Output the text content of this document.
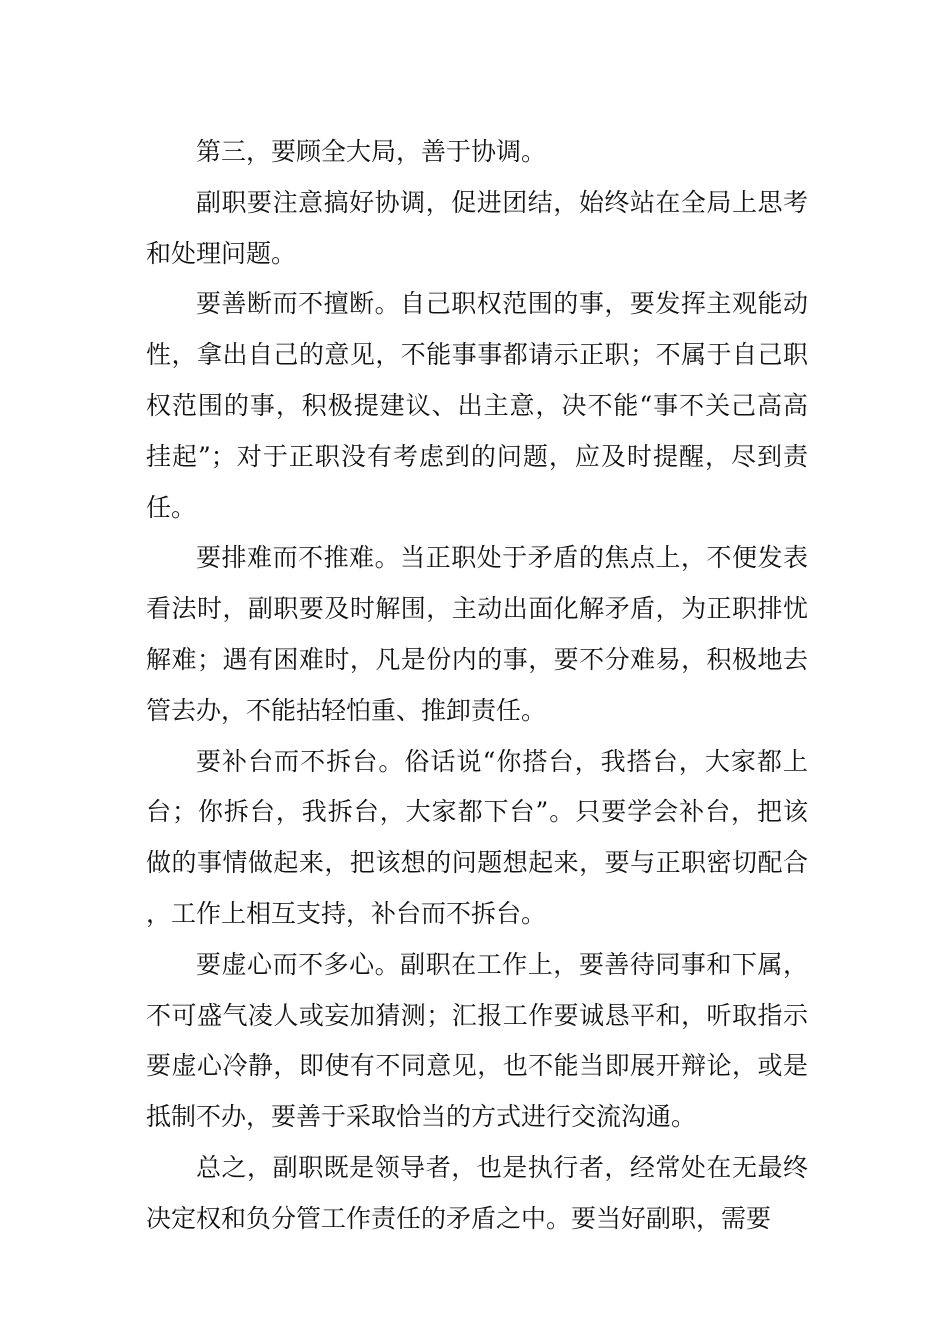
第三，要顾全大局，善于协调。

副职要注意搞好协调，促进团结，始终站在全局上思考和处理问题。

要善断而不擅断。自己职权范围的事，要发挥主观能动性，拿出自己的意见，不能事事都请示正职；不属于自己职权范围的事，积极提建议、出主意，决不能“事不关己高高挂起”；对于正职没有考虑到的问题，应及时提醒，尽到责任。

要排难而不推难。当正职处于矛盾的焦点上，不便发表看法时，副职要及时解围，主动出面化解矛盾，为正职排忧解难；遇有困难时，凡是份内的事，要不分难易，积极地去管去办，不能拈轻怕重、推卸责任。

要补台而不拆台。俗话说“你搭台，我搭台，大家都上台；你拆台，我拆台，大家都下台”。只要学会补台，把该做的事情做起来，把该想的问题想起来，要与正职密切配合，工作上相互支持，补台而不拆台。

要虚心而不多心。副职在工作上，要善待同事和下属，不可盛气凌人或妄加猜测；汇报工作要诚恳平和，听取指示要虚心冷静，即使有不同意见，也不能当即展开辩论，或是抵制不办，要善于采取恰当的方式进行交流沟通。

总之，副职既是领导者，也是执行者，经常处在无最终决定权和负分管工作责任的矛盾之中。要当好副职，需要
